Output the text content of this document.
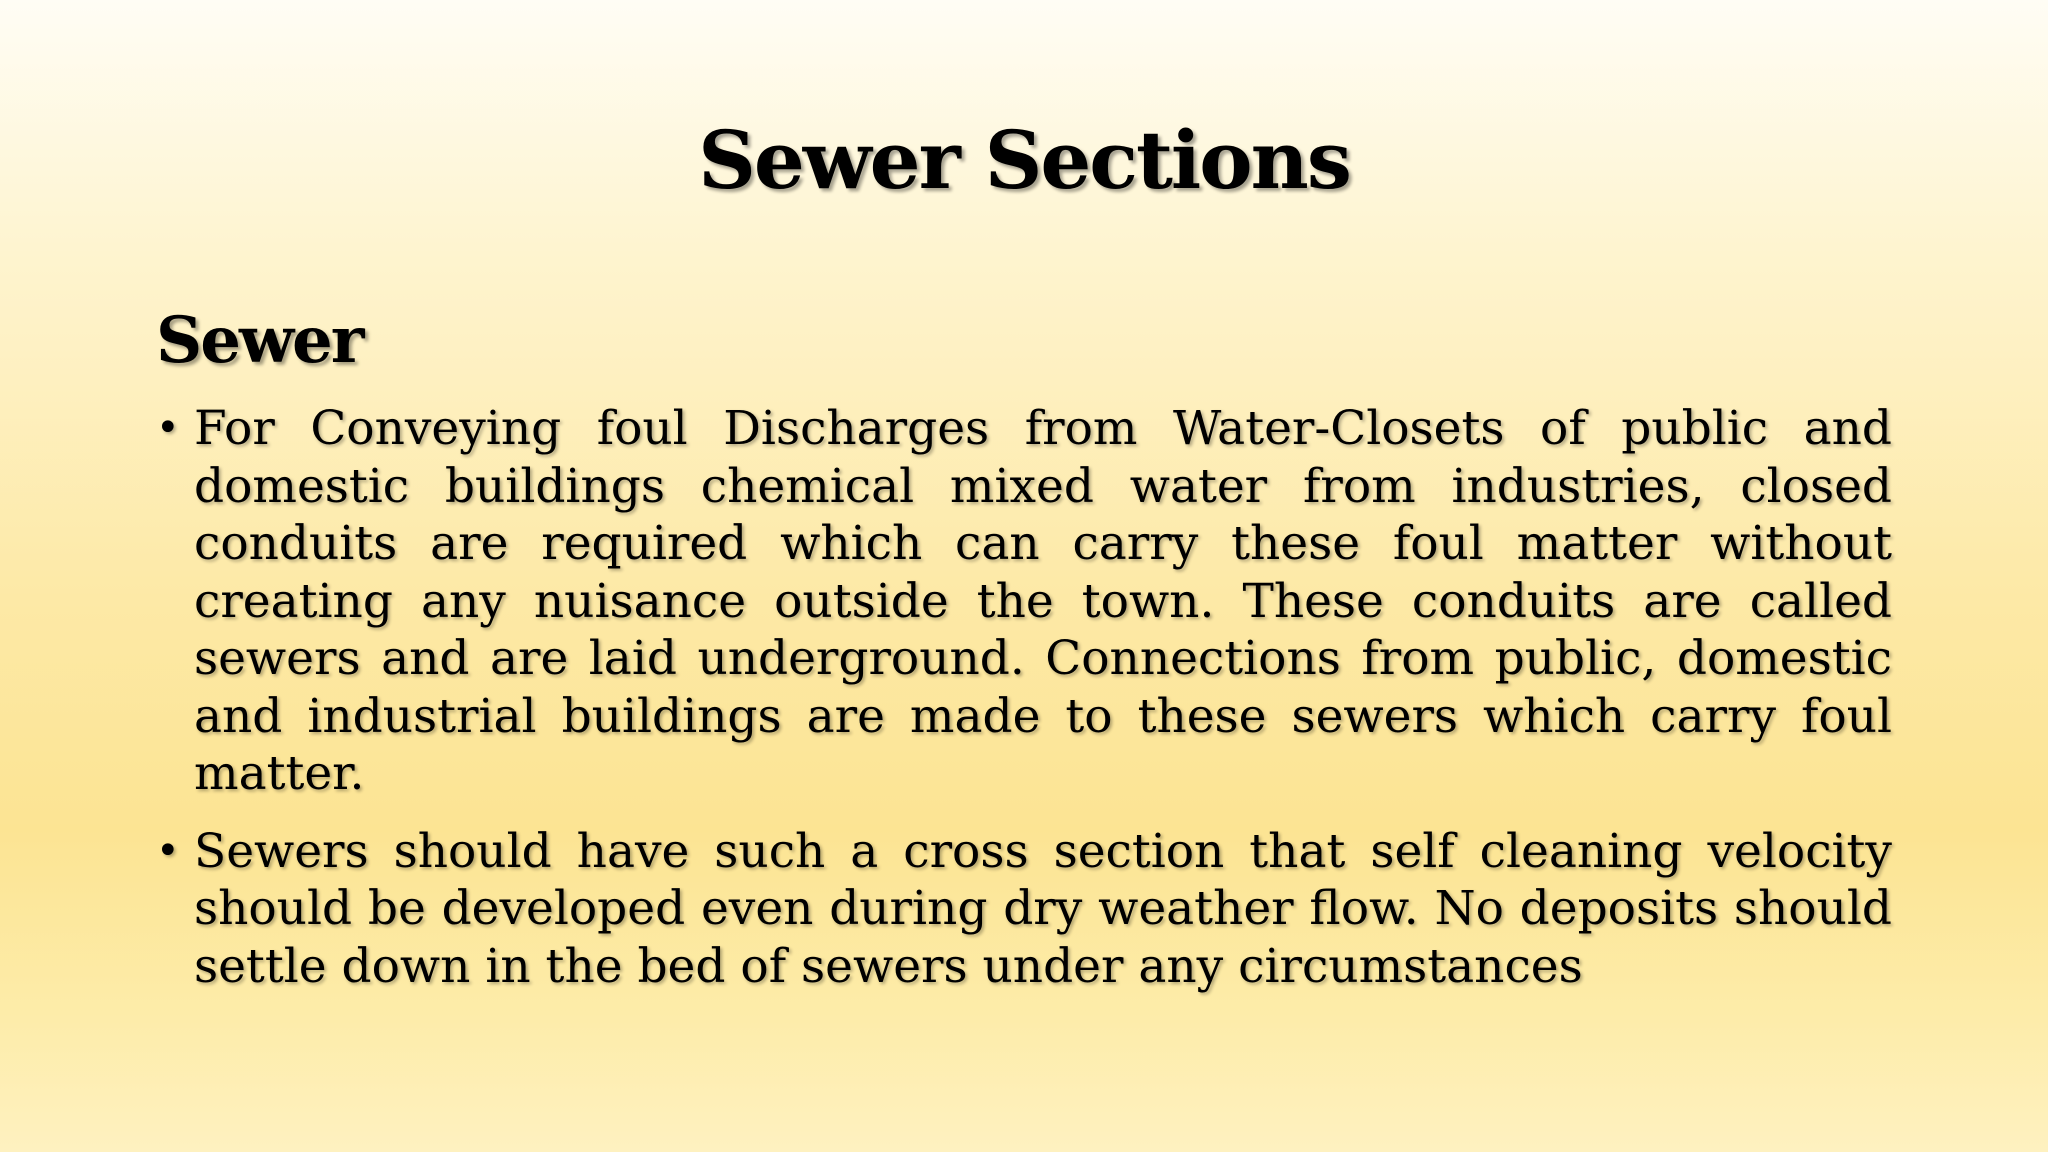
Sewer Sections
Sewer
• For Conveying foul Discharges from Water-Closets of public and domestic buildings chemical mixed water from industries, closed conduits are required which can carry these foul matter without creating any nuisance outside the town. These conduits are called sewers and are laid underground. Connections from public, domestic and industrial buildings are made to these sewers which carry foul matter.
• Sewers should have such a cross section that self cleaning velocity should be developed even during dry weather flow. No deposits should settle down in the bed of sewers under any circumstances
